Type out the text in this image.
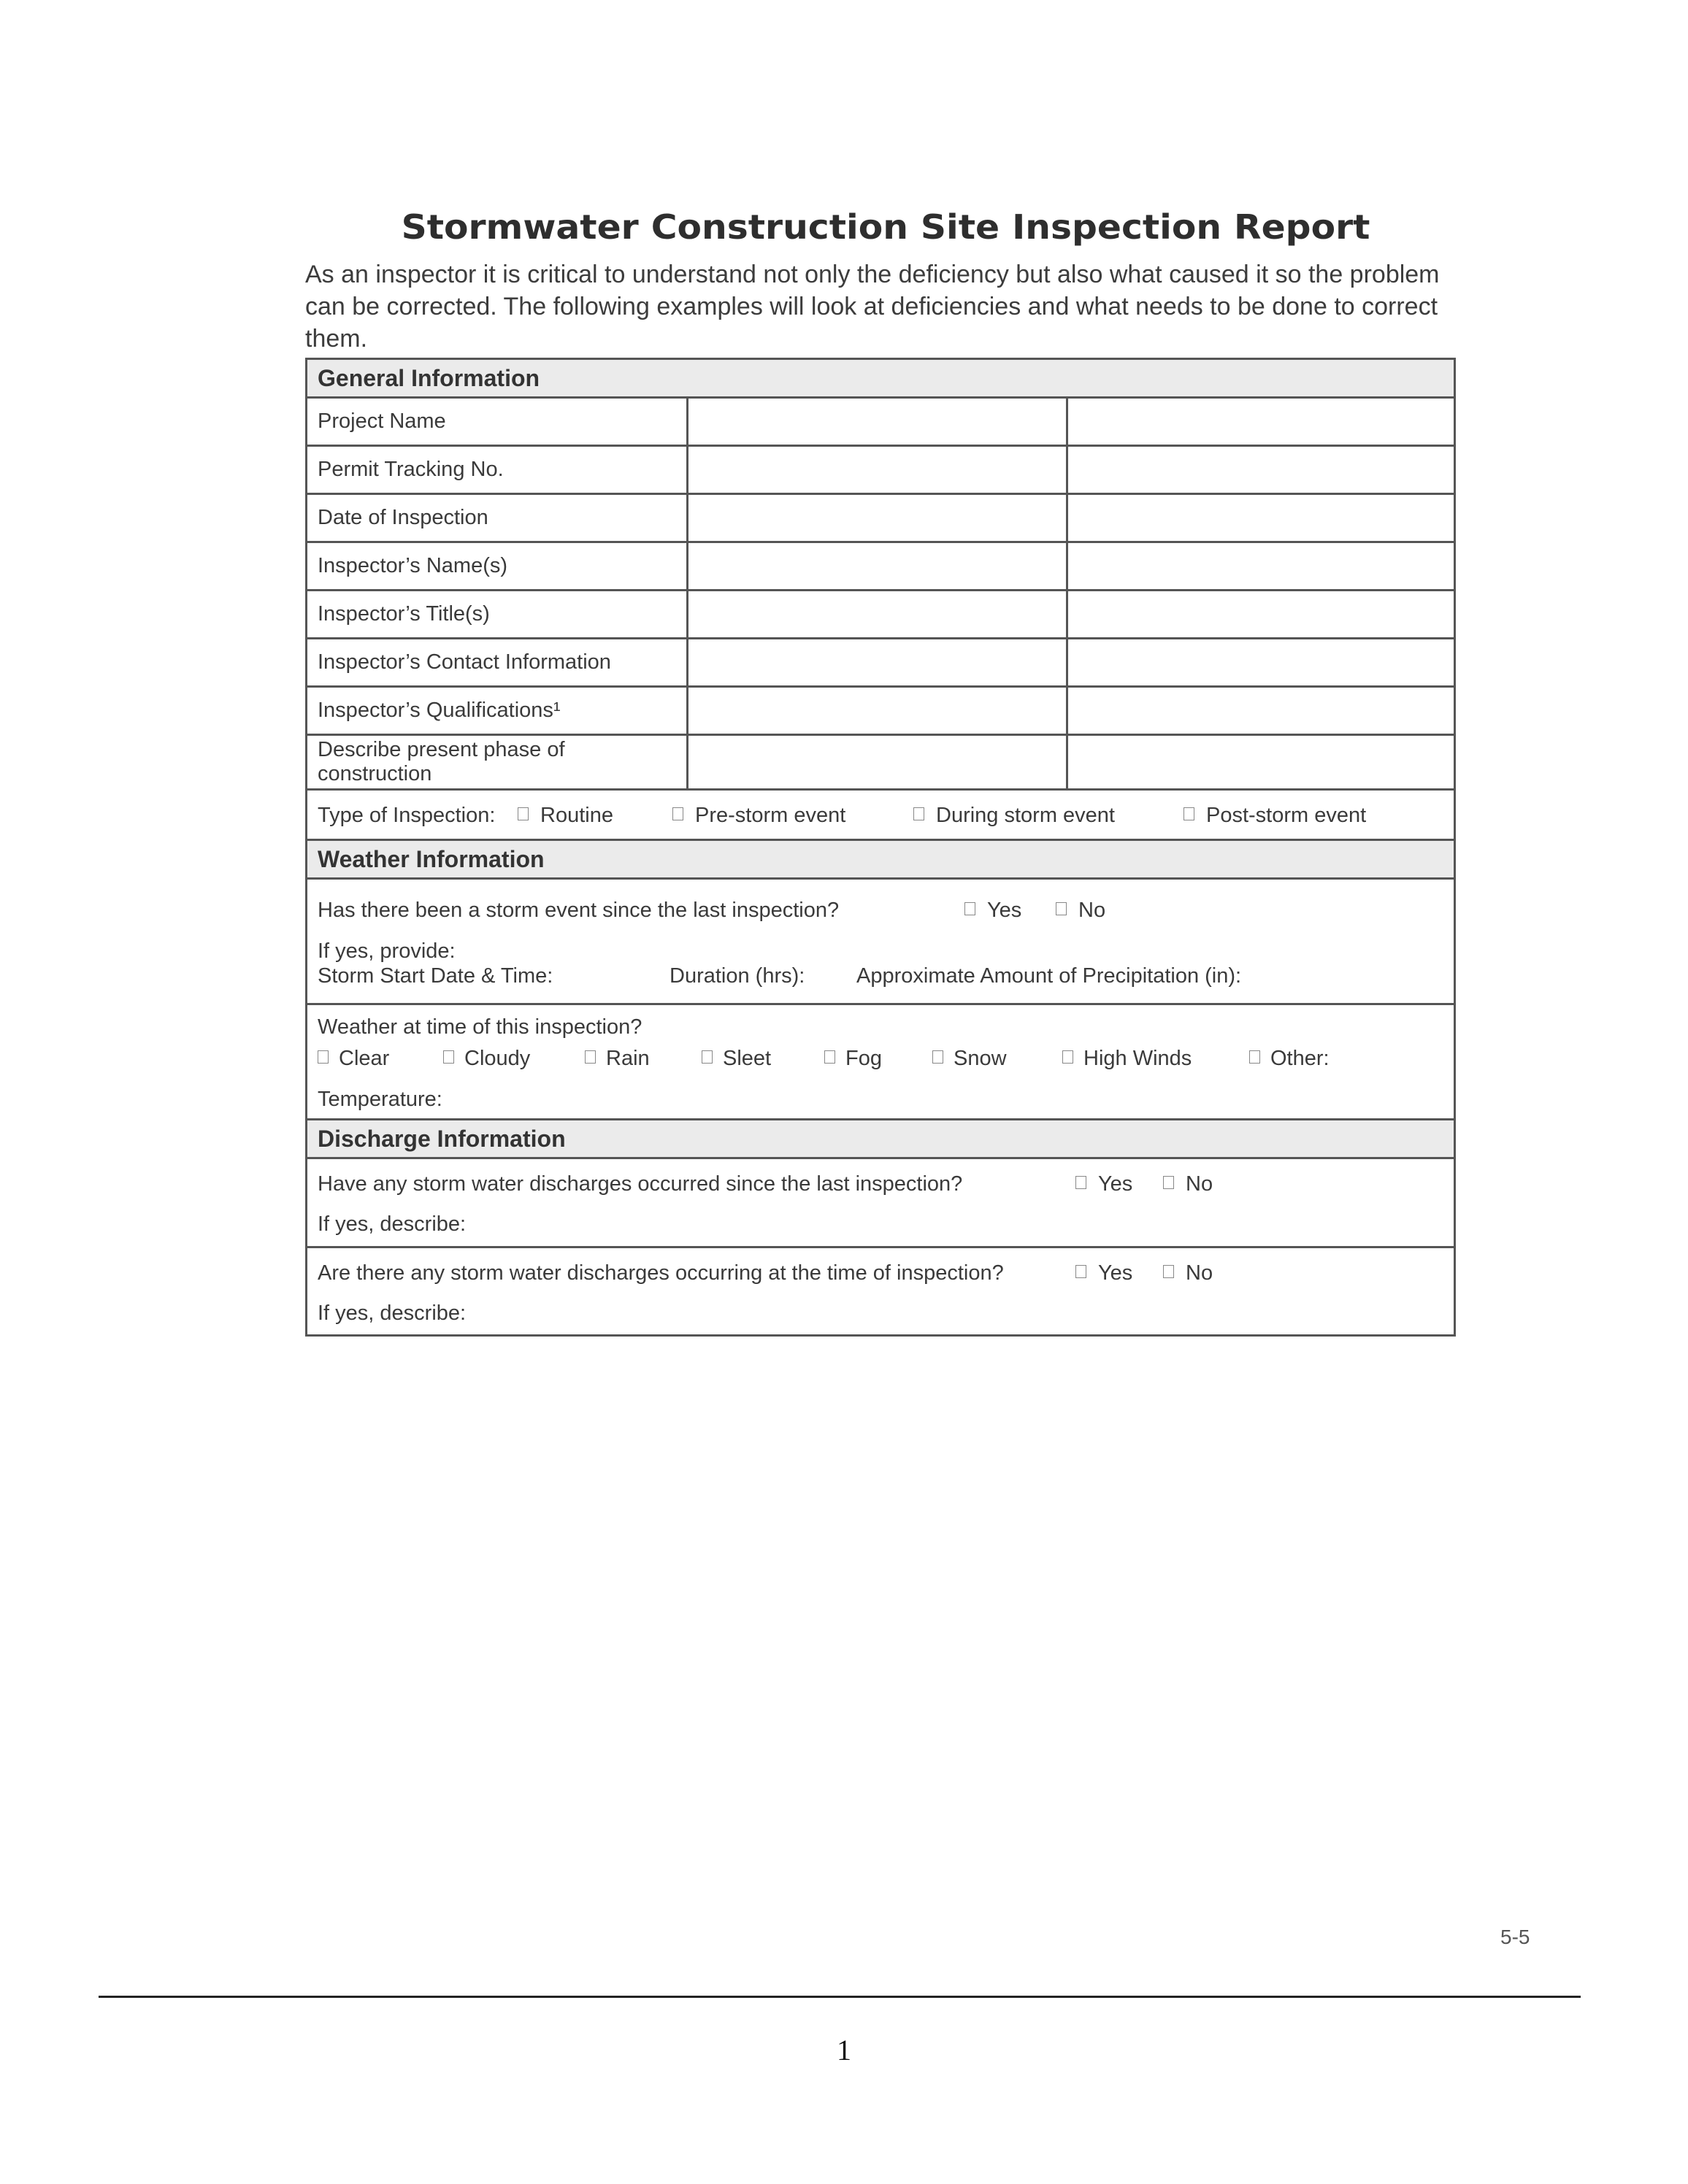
Stormwater Construction Site Inspection Report
As an inspector it is critical to understand not only the deficiency but also what caused it so the problem can be corrected. The following examples will look at deficiencies and what needs to be done to correct them.
General Information
Project Name		
Permit Tracking No.		
Date of Inspection		
Inspector’s Name(s)		
Inspector’s Title(s)		
Inspector’s Contact Information		
Inspector’s Qualifications¹		
Describe present phase of construction		
Type of Inspection:	Routine	Pre-storm event	During storm event	Post-storm event
Weather Information
Has there been a storm event since the last inspection?	Yes	No
If yes, provide:
Storm Start Date & Time:	Duration (hrs): Approximate Amount of Precipitation (in):
Weather at time of this inspection?
Clear	Cloudy	Rain	Sleet	Fog	Snow	High Winds	Other:
Temperature:
Discharge Information
Have any storm water discharges occurred since the last inspection?	Yes	No
If yes, describe:
Are there any storm water discharges occurring at the time of inspection?	Yes	No
If yes, describe:
5-5
1
